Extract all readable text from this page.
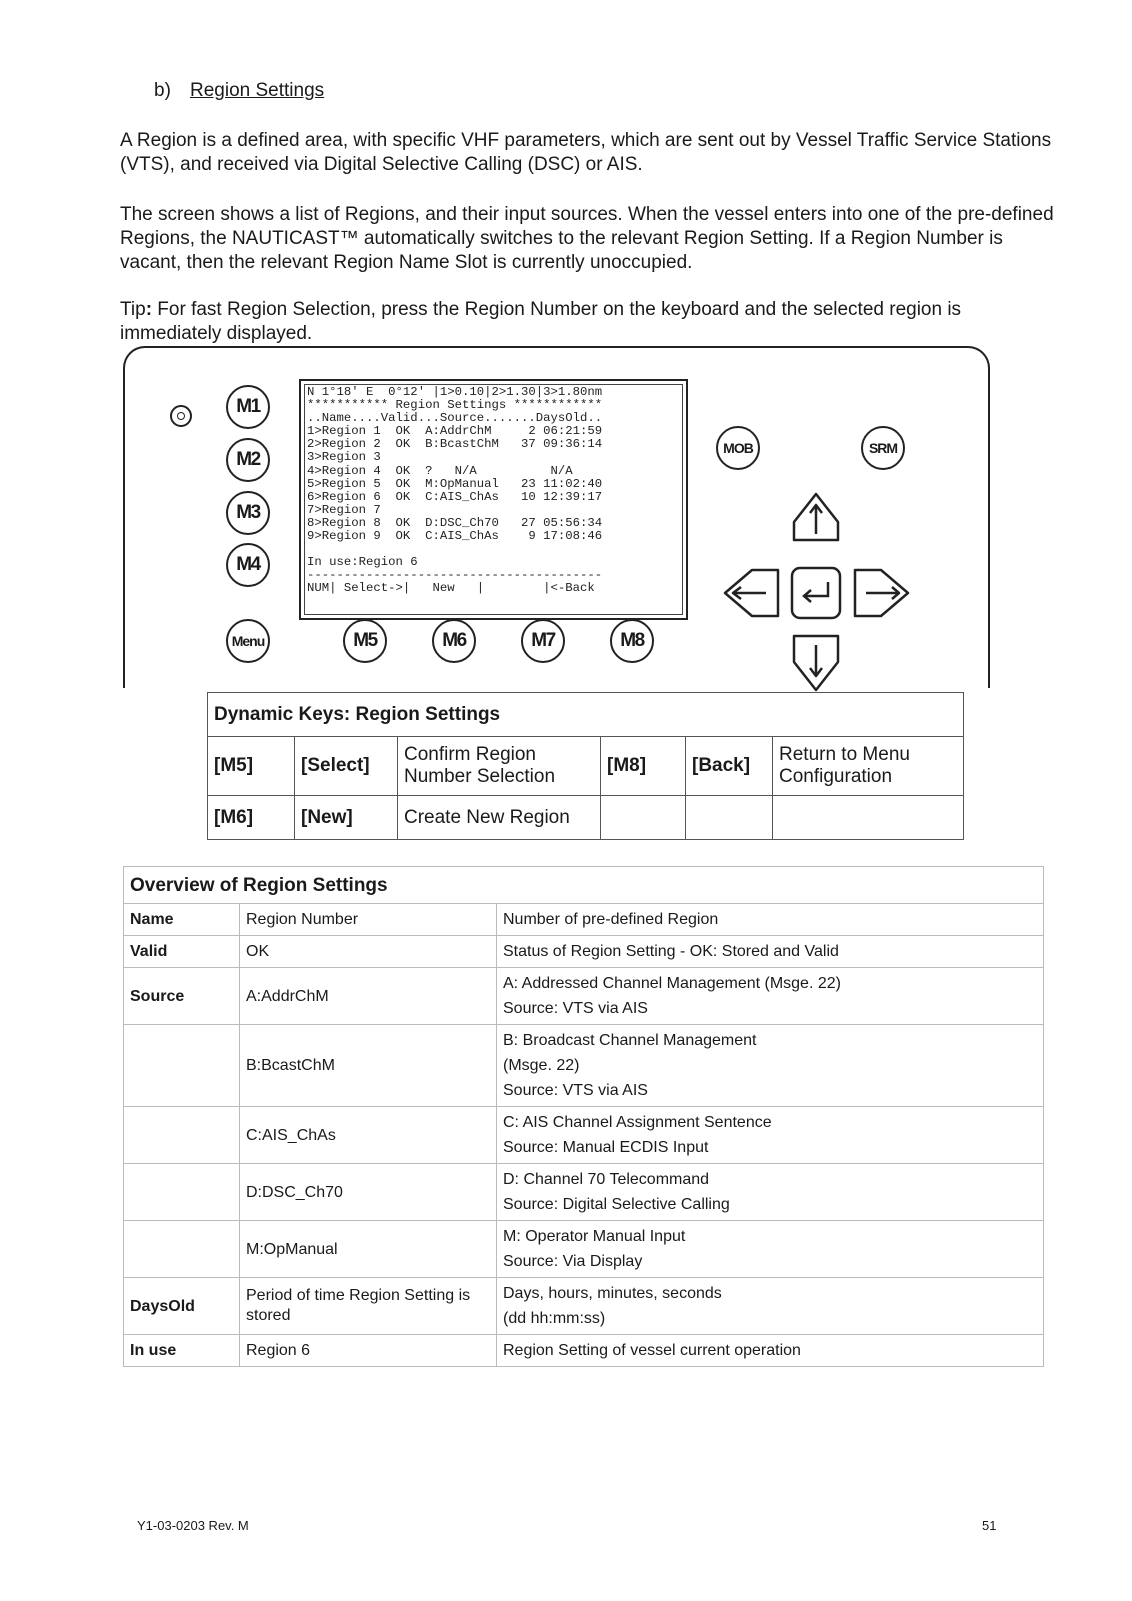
b) Region Settings
A Region is a defined area, with specific VHF parameters, which are sent out by Vessel Traffic Service Stations (VTS), and received via Digital Selective Calling (DSC) or AIS.
The screen shows a list of Regions, and their input sources. When the vessel enters into one of the pre-defined Regions, the NAUTICAST™ automatically switches to the relevant Region Setting. If a Region Number is vacant, then the relevant Region Name Slot is currently unoccupied.
Tip: For fast Region Selection, press the Region Number on the keyboard and the selected region is immediately displayed.
M1
M2
M3
M4
Menu	M5	M6	M7	M8
MOB	SRM
N 1°18' E  0°12' |1>0.10|2>1.30|3>1.80nm
*********** Region Settings ************
..Name....Valid...Source.......DaysOld..
1>Region 1  OK  A:AddrChM     2 06:21:59
2>Region 2  OK  B:BcastChM   37 09:36:14
3>Region 3
4>Region 4  OK  ?   N/A          N/A
5>Region 5  OK  M:OpManual   23 11:02:40
6>Region 6  OK  C:AIS_ChAs   10 12:39:17
7>Region 7
8>Region 8  OK  D:DSC_Ch70   27 05:56:34
9>Region 9  OK  C:AIS_ChAs    9 17:08:46
In use:Region 6
----------------------------------------
NUM| Select->|   New   |        |<-Back
Dynamic Keys: Region Settings					
[M5]	[Select]	Confirm Region Number Selection	[M8]	[Back]	Return to Menu Configuration
[M6]	[New]	Create New Region			
Overview of Region Settings		
Name	Region Number	Number of pre-defined Region

Valid	OK	Status of Region Setting - OK: Stored and Valid

Source	A:AddrChM	A: Addressed Channel Management (Msge. 22)
Source: VTS via AIS

	B:BcastChM	B: Broadcast Channel Management
(Msge. 22)
Source: VTS via AIS

	C:AIS_ChAs	C: AIS Channel Assignment Sentence
Source: Manual ECDIS Input

	D:DSC_Ch70	D: Channel 70 Telecommand
Source: Digital Selective Calling

	M:OpManual	M: Operator Manual Input
Source: Via Display

DaysOld	Period of time Region Setting is stored	Days, hours, minutes, seconds
(dd hh:mm:ss)

In use	Region 6	Region Setting of vessel current operation
Y1-03-0203 Rev. M	51
